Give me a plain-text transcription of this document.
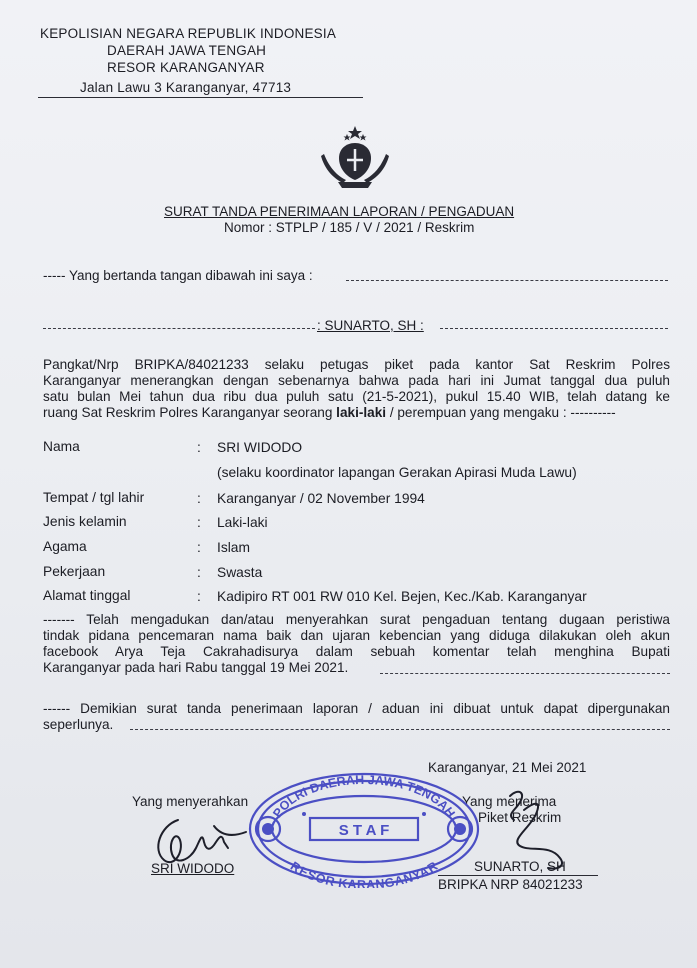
KEPOLISIAN NEGARA REPUBLIK INDONESIA
DAERAH JAWA TENGAH
RESOR KARANGANYAR
Jalan Lawu 3 Karanganyar, 47713
SURAT TANDA PENERIMAAN LAPORAN / PENGADUAN
Nomor : STPLP / 185 / V / 2021 / Reskrim
----- Yang bertanda tangan dibawah ini saya :
: SUNARTO, SH :
Pangkat/Nrp BRIPKA/84021233 selaku petugas piket pada kantor Sat Reskrim Polres
Karanganyar menerangkan dengan sebenarnya bahwa pada hari ini Jumat tanggal dua puluh
satu bulan Mei tahun dua ribu dua puluh satu (21-5-2021), pukul 15.40 WIB, telah datang ke
ruang Sat Reskrim Polres Karanganyar seorang laki-laki / perempuan yang mengaku : ----------
Nama	: SRI WIDODO
(selaku koordinator lapangan Gerakan Apirasi Muda Lawu)
Tempat / tgl lahir	: Karanganyar / 02 November 1994
Jenis kelamin	: Laki-laki
Agama	: Islam
Pekerjaan	: Swasta
Alamat tinggal	: Kadipiro RT 001 RW 010 Kel. Bejen, Kec./Kab. Karanganyar
------- Telah mengadukan dan/atau menyerahkan surat pengaduan tentang dugaan peristiwa
tindak pidana pencemaran nama baik dan ujaran kebencian yang diduga dilakukan oleh akun
facebook Arya Teja Cakrahadisurya dalam sebuah komentar telah menghina Bupati
Karanganyar pada hari Rabu tanggal 19 Mei 2021.
------ Demikian surat tanda penerimaan laporan / aduan ini dibuat untuk dapat dipergunakan
seperlunya.
Karanganyar, 21 Mei 2021
Yang menyerahkan	Yang menerima
Piket Reskrim
SRI WIDODO	SUNARTO, SH
BRIPKA NRP 84021233
POLRI DAERAH JAWA TENGAH
S T A F
RESOR KARANGANYAR
